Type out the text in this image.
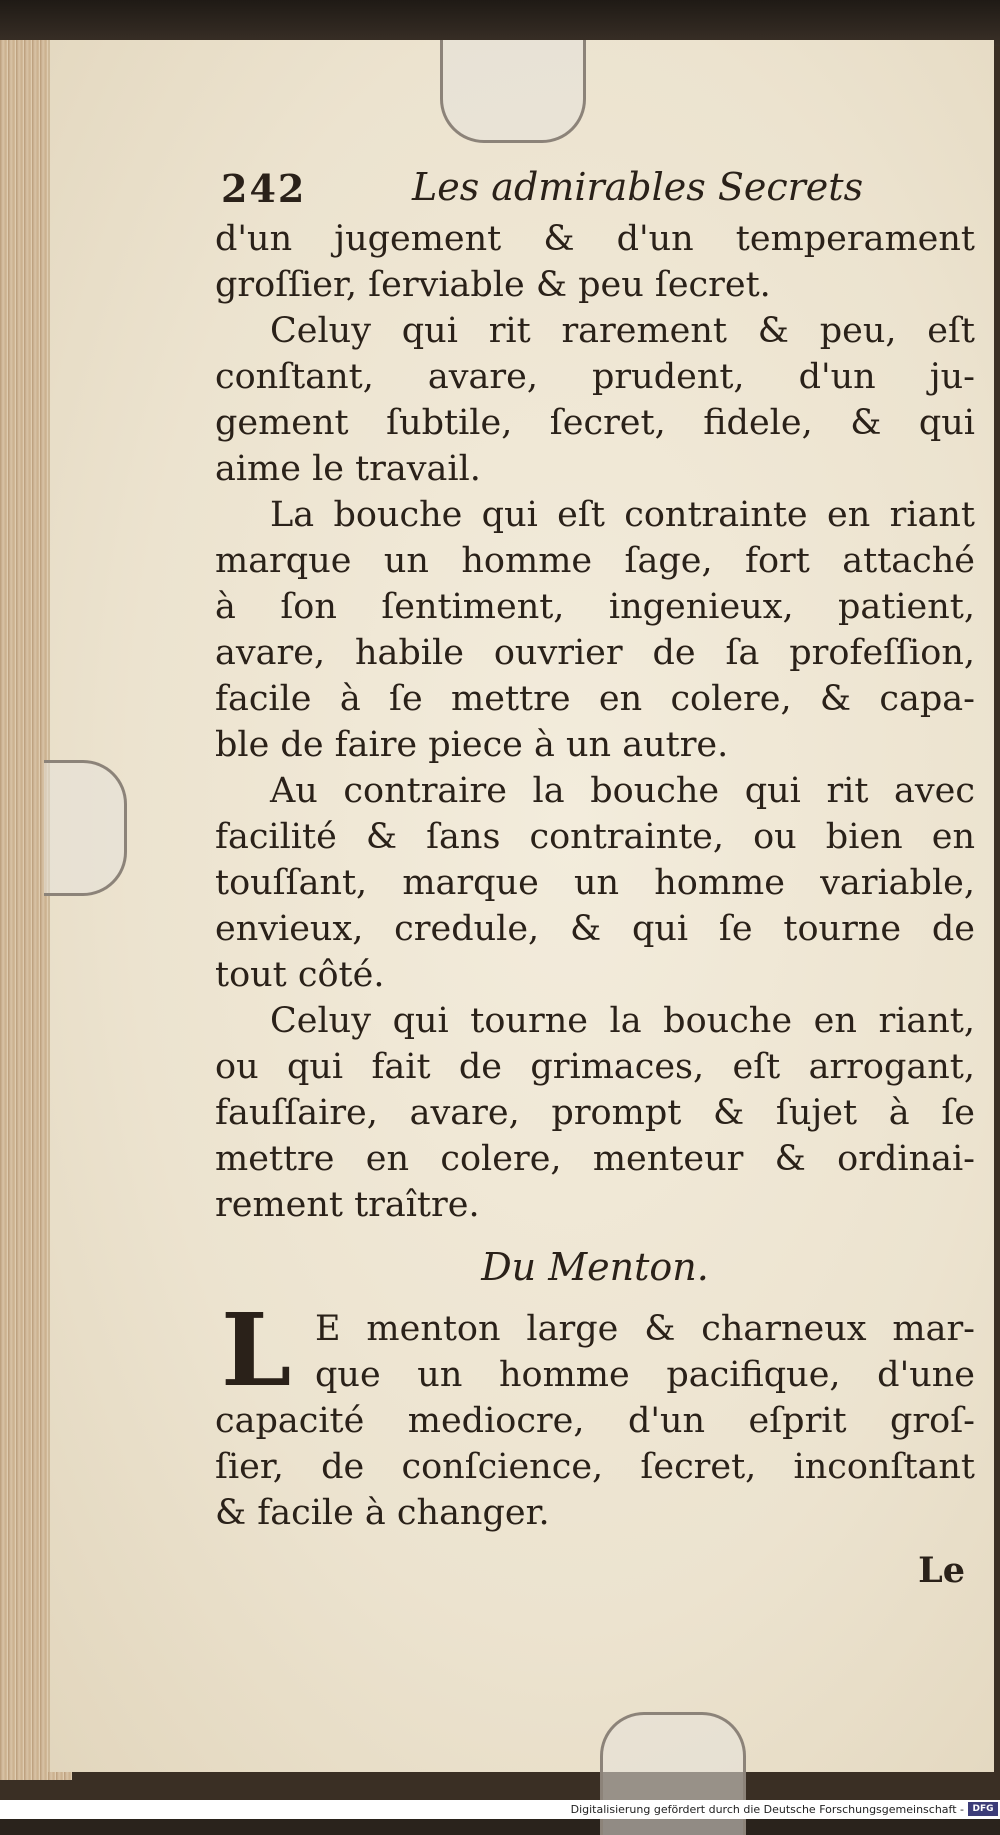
242	Les admirables Secrets
d'un jugement & d'un temperament
groſſier, ſerviable & peu ſecret.
Celuy qui rit rarement & peu, eſt
conſtant, avare, prudent, d'un ju-
gement ſubtile, ſecret, fidele, & qui
aime le travail.
La bouche qui eſt contrainte en riant
marque un homme ſage, fort attaché
à ſon ſentiment, ingenieux, patient,
avare, habile ouvrier de ſa profeſſion,
facile à ſe mettre en colere, & capa-
ble de faire piece à un autre.
Au contraire la bouche qui rit avec
facilité & ſans contrainte, ou bien en
touſſant, marque un homme variable,
envieux, credule, & qui ſe tourne de
tout côté.
Celuy qui tourne la bouche en riant,
ou qui fait de grimaces, eſt arrogant,
fauſſaire, avare, prompt & ſujet à ſe
mettre en colere, menteur & ordinai-
rement traître.
Du Menton.
L E menton large & charneux mar-
que un homme pacifique, d'une
capacité mediocre, d'un eſprit groſ-
ſier, de conſcience, ſecret, inconſtant
& facile à changer.
Le
Digitalisierung gefördert durch die Deutsche Forschungsgemeinschaft - DFG
